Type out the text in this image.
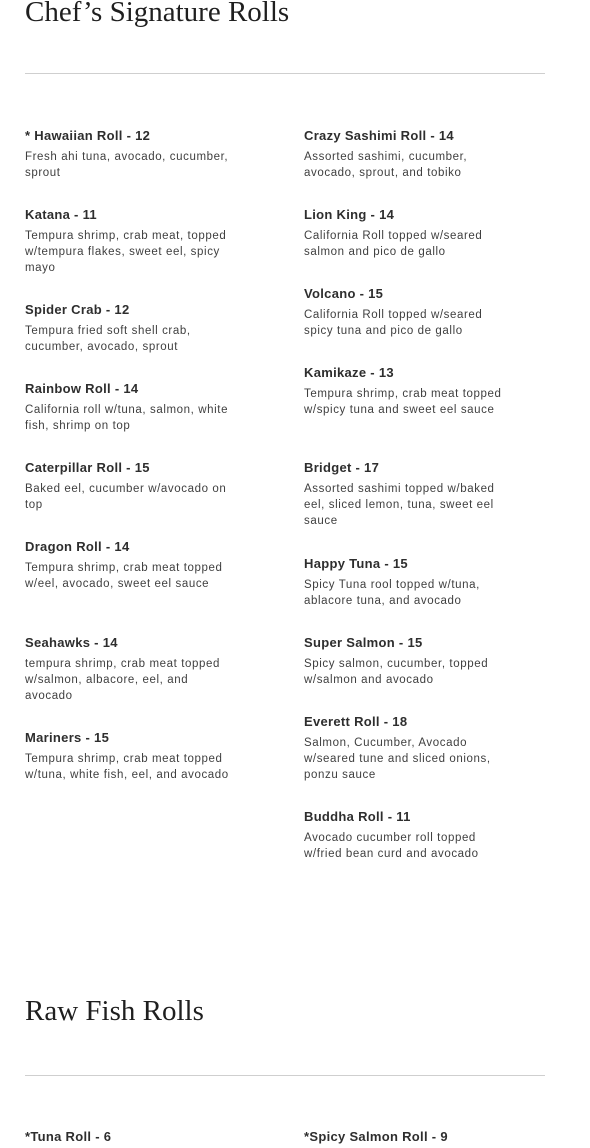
Chef’s Signature Rolls
* Hawaiian Roll - 12
Fresh ahi tuna, avocado, cucumber, sprout
Katana - 11
Tempura shrimp, crab meat, topped w/tempura flakes, sweet eel, spicy mayo
Spider Crab - 12
Tempura fried soft shell crab, cucumber, avocado, sprout
Rainbow Roll - 14
California roll w/tuna, salmon, white fish, shrimp on top
Caterpillar Roll - 15
Baked eel, cucumber w/avocado on top
Dragon Roll - 14
Tempura shrimp, crab meat topped w/eel, avocado, sweet eel sauce
Seahawks - 14
tempura shrimp, crab meat topped w/salmon, albacore, eel, and avocado
Mariners - 15
Tempura shrimp, crab meat topped w/tuna, white fish, eel, and avocado
Crazy Sashimi Roll - 14
Assorted sashimi, cucumber, avocado, sprout, and tobiko
Lion King - 14
California Roll topped w/seared salmon and pico de gallo
Volcano - 15
California Roll topped w/seared spicy tuna and pico de gallo
Kamikaze - 13
Tempura shrimp, crab meat topped w/spicy tuna and sweet eel sauce
Bridget - 17
Assorted sashimi topped w/baked eel, sliced lemon, tuna, sweet eel sauce
Happy Tuna - 15
Spicy Tuna rool topped w/tuna, ablacore tuna, and avocado
Super Salmon - 15
Spicy salmon, cucumber, topped w/salmon and avocado
Everett Roll - 18
Salmon, Cucumber, Avocado w/seared tune and sliced onions, ponzu sauce
Buddha Roll - 11
Avocado cucumber roll topped w/fried bean curd and avocado
Raw Fish Rolls
*Tuna Roll - 6	*Spicy Salmon Roll - 9
